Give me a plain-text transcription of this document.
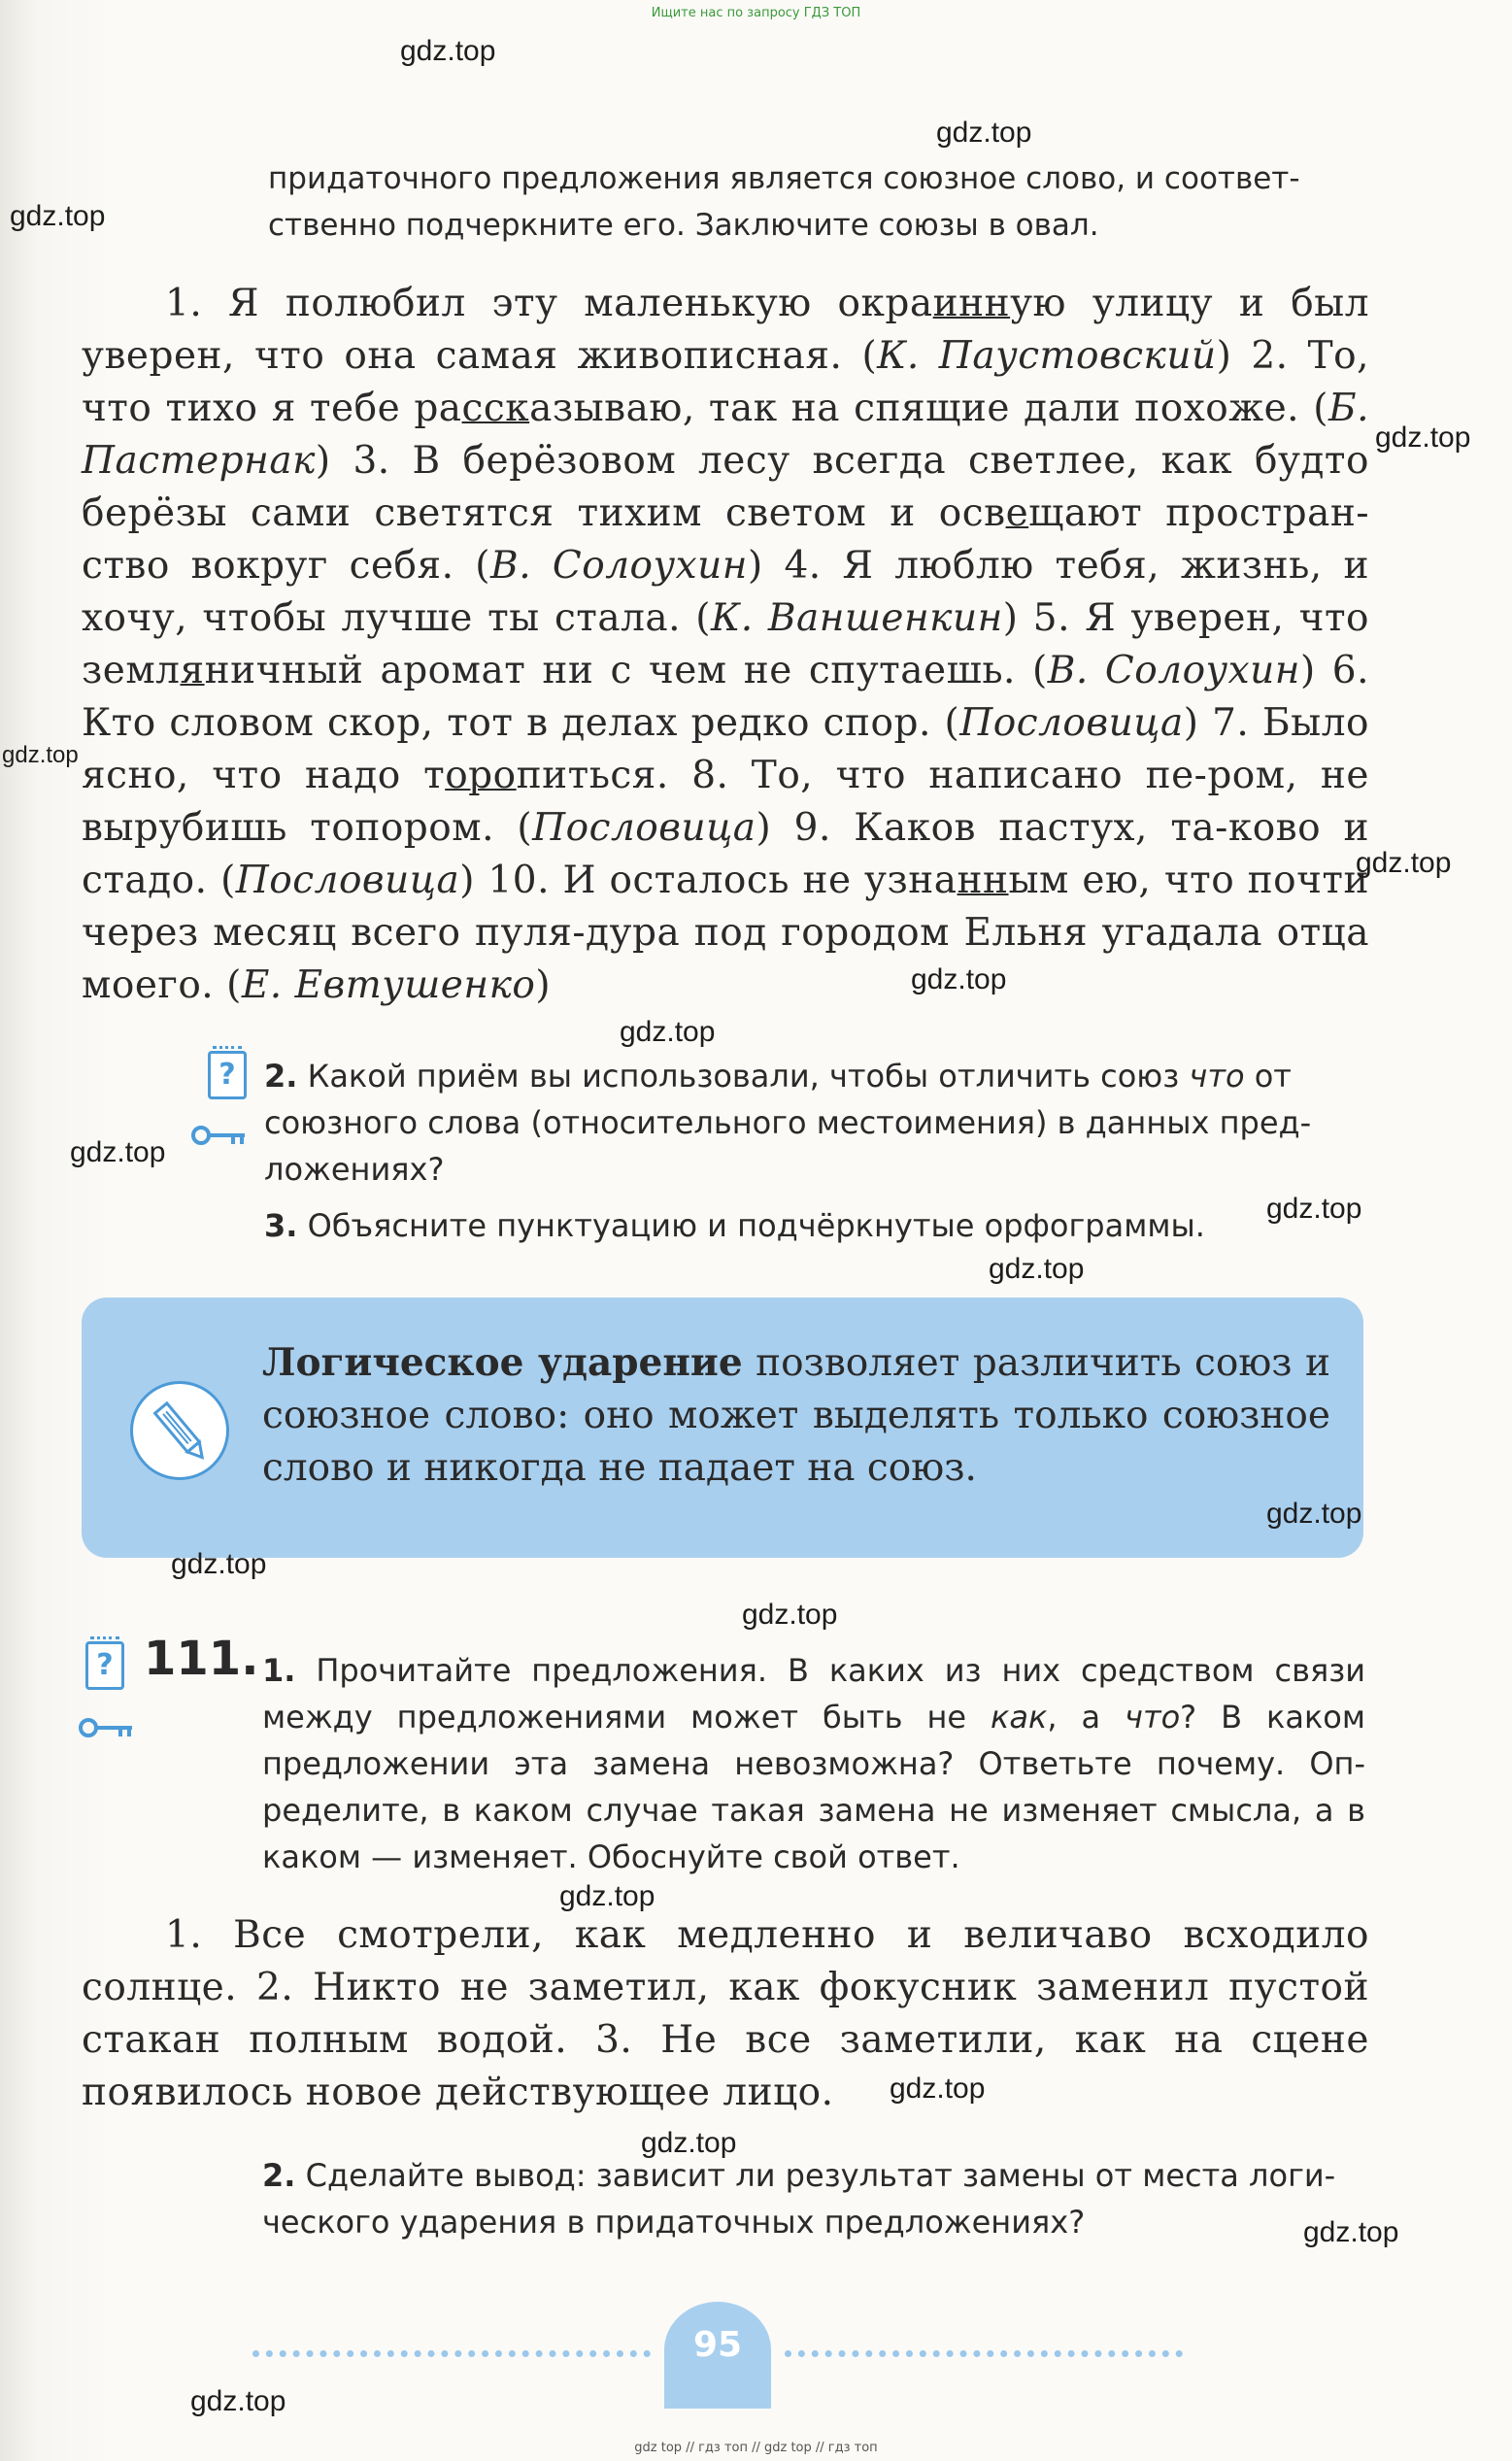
Ищите нас по запросу ГДЗ ТОП
придаточного предложения является союзное слово, и соответ-
ственно подчеркните его. Заключите союзы в овал.
1. Я полюбил эту маленькую окраинную улицу и был уверен, что она самая живописная. (К. Паустовский) 2. То, что тихо я тебе рассказываю, так на спящие дали похоже. (Б. Пастернак) 3. В берёзовом лесу всегда светлее, как будто берёзы сами светятся тихим светом и освещают простран-ство вокруг себя. (В. Солоухин) 4. Я люблю тебя, жизнь, и хочу, чтобы лучше ты стала. (К. Ваншенкин) 5. Я уверен, что земляничный аромат ни с чем не спутаешь. (В. Солоухин) 6. Кто словом скор, тот в делах редко спор. (Пословица) 7. Было ясно, что надо торопиться. 8. То, что написано пе-ром, не вырубишь топором. (Пословица) 9. Каков пастух, та-ково и стадо. (Пословица) 10. И осталось не узнанным ею, что почти через месяц всего пуля-дура под городом Ельня угадала отца моего. (Е. Евтушенко)
? 2. Какой приём вы использовали, чтобы отличить союз что от союзного слова (относительного местоимения) в данных пред-ложениях?
3. Объясните пунктуацию и подчёркнутые орфограммы.
Логическое ударение позволяет различить союз и союзное слово: оно может выделять только союзное слово и никогда не падает на союз.
? 111. 1. Прочитайте предложения. В каких из них средством связи между предложениями может быть не как, а что? В каком предложении эта замена невозможна? Ответьте почему. Оп-ределите, в каком случае такая замена не изменяет смысла, а в каком — изменяет. Обоснуйте свой ответ.
1. Все смотрели, как медленно и величаво всходило солнце. 2. Никто не заметил, как фокусник заменил пустой стакан полным водой. 3. Не все заметили, как на сцене появилось новое действующее лицо.
2. Сделайте вывод: зависит ли результат замены от места логи-ческого ударения в придаточных предложениях?
95
gdz.top
gdz.top
gdz.top
gdz.top
gdz.top
gdz.top
gdz.top
gdz.top
gdz.top
gdz.top
gdz.top
gdz.top
gdz.top
gdz.top
gdz.top
gdz.top
gdz.top
gdz.top
gdz.top
gdz top // гдз топ // gdz top // гдз топ
